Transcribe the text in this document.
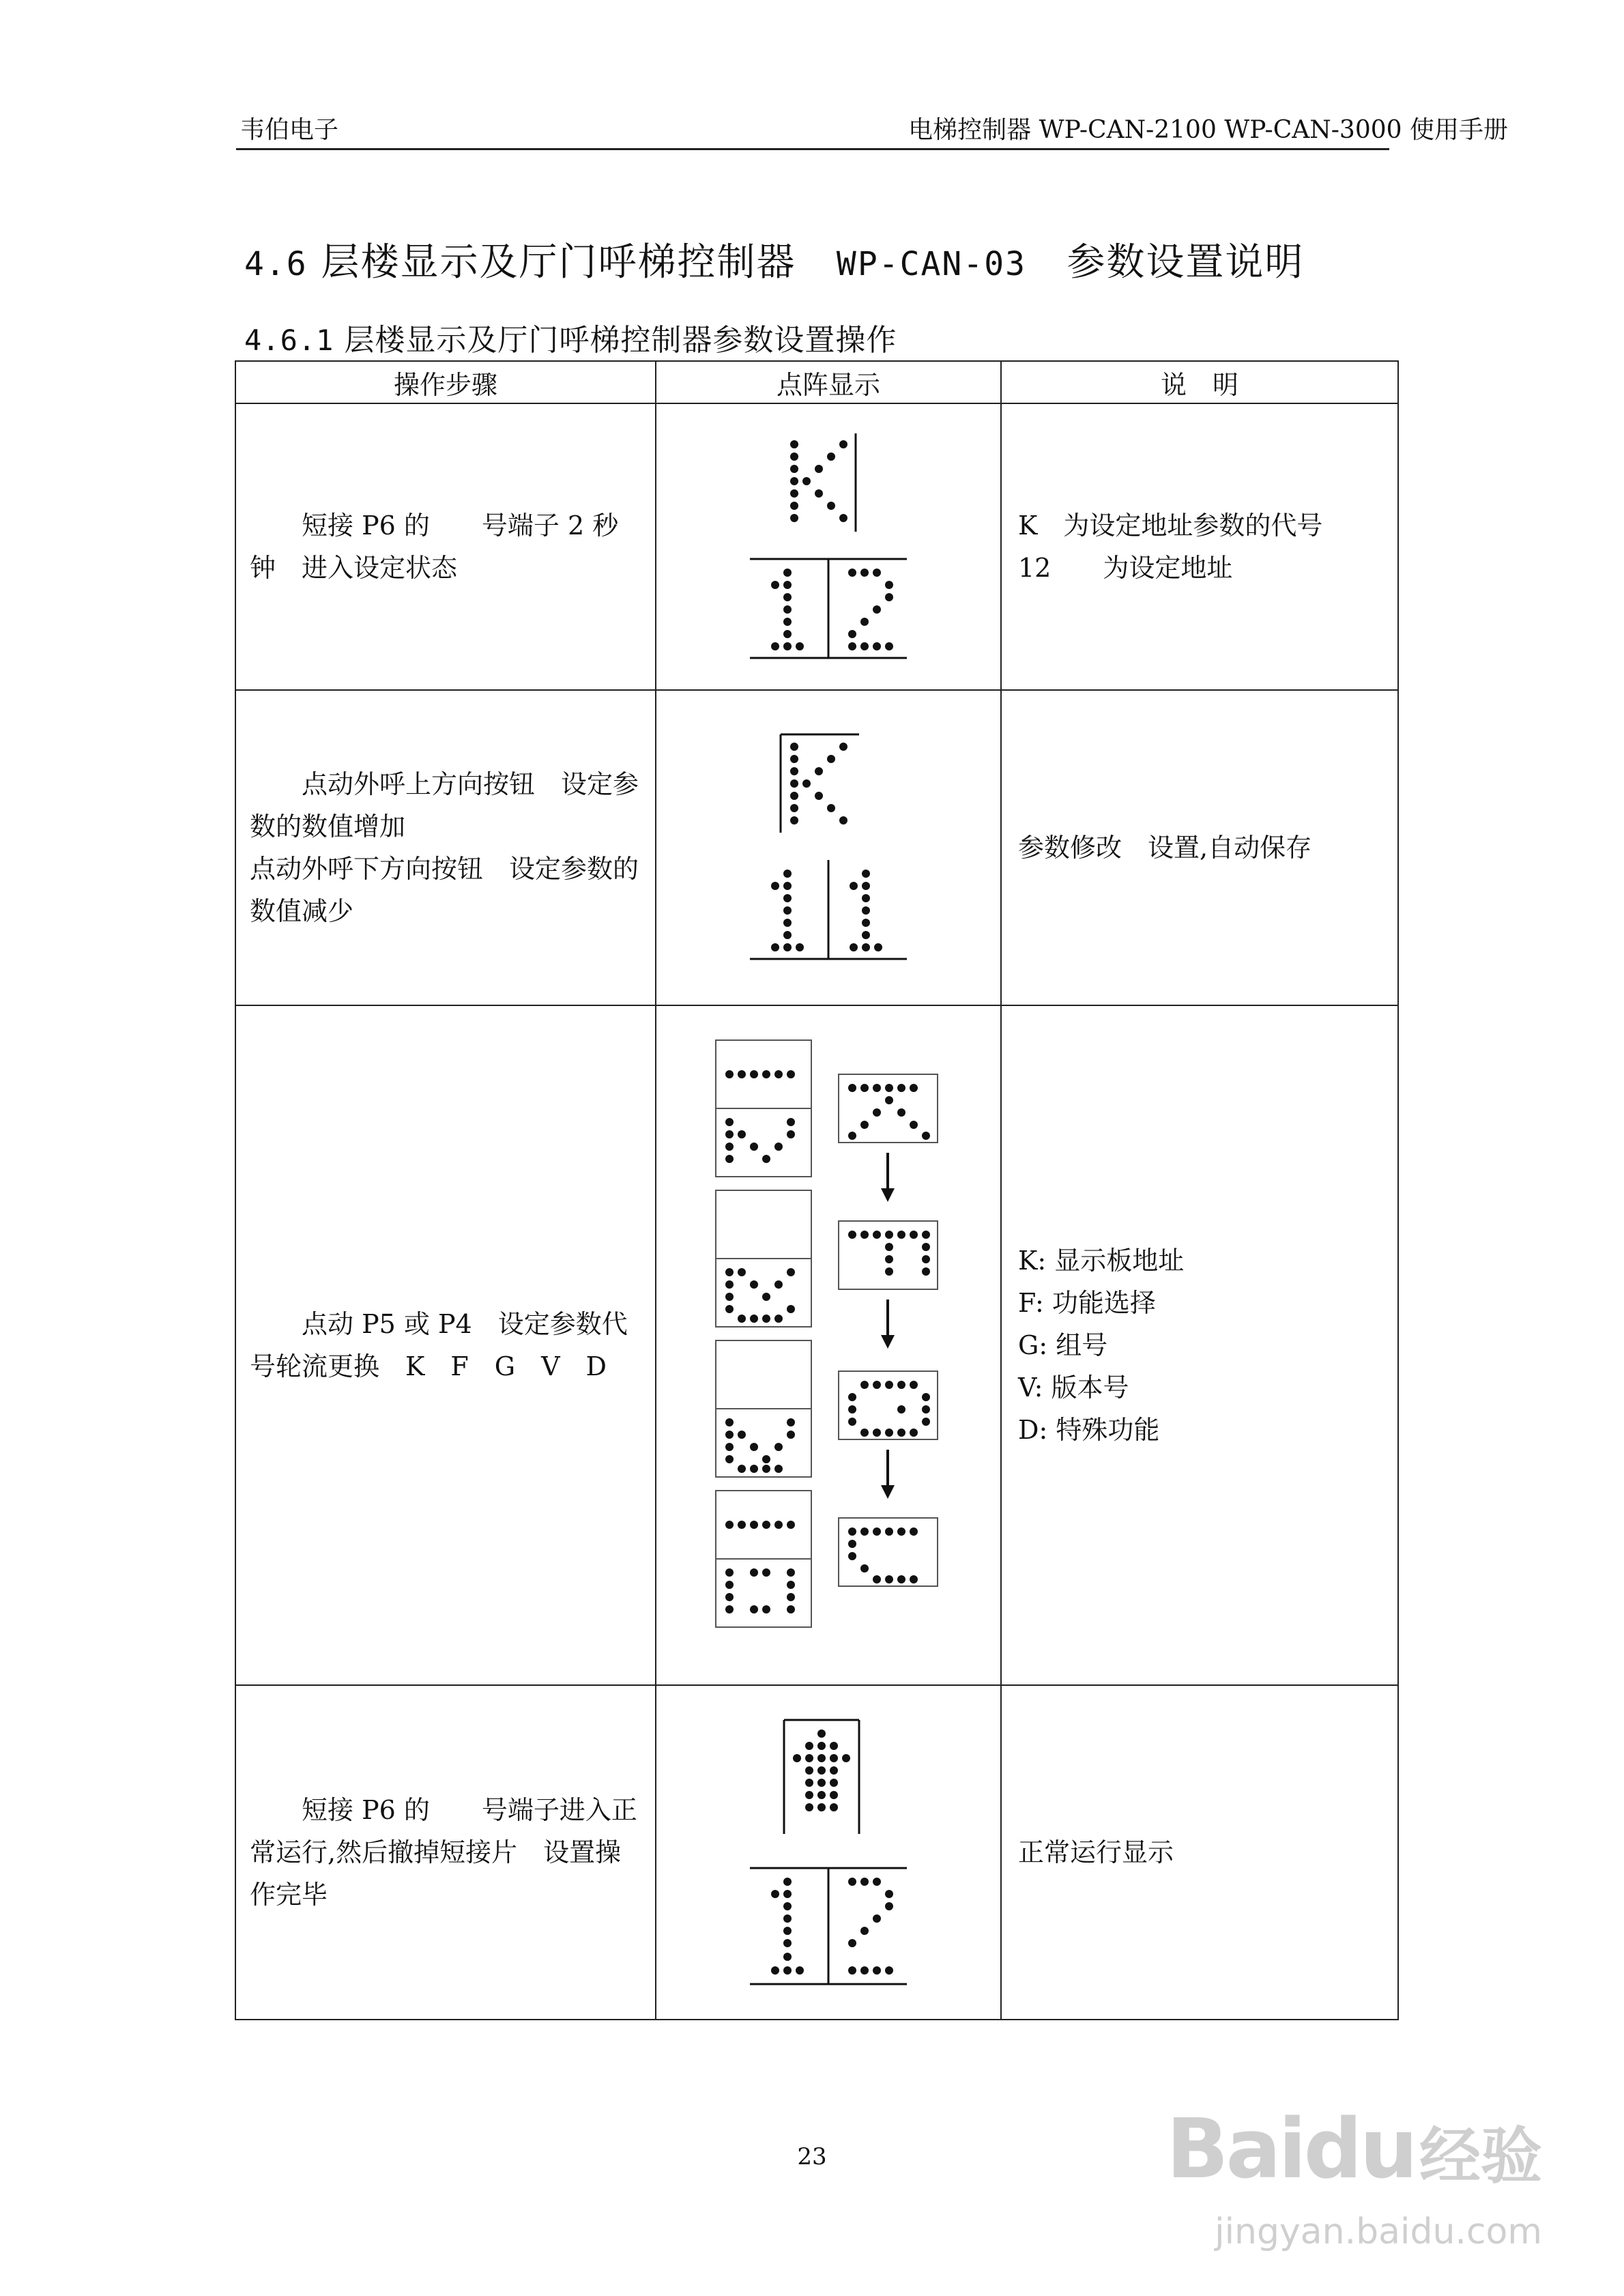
韦伯电子	电梯控制器 WP-CAN-2100 WP-CAN-3000 使用手册
4.6 层楼显示及厅门呼梯控制器 WP-CAN-03 参数设置说明
4.6.1 层楼显示及厅门呼梯控制器参数设置操作
操作步骤	点阵显示	说　明

短接 P6 的　　号端子 2 秒钟　进入设定状态		K　为设定地址参数的代号

12　　为设定地址

点动外呼上方向按钮　设定参数的数值增加

点动外呼下方向按钮　设定参数的数值减少		参数修改　设置,自动保存

点动 P5 或 P4　设定参数代号轮流更换　K　F　G　V　D		K: 显示板地址

F: 功能选择

G: 组号

V: 版本号

D: 特殊功能

短接 P6 的　　号端子进入正常运行,然后撤掉短接片　设置操作完毕		正常运行显示

23	Baidu经验
jingyan.baidu.com
